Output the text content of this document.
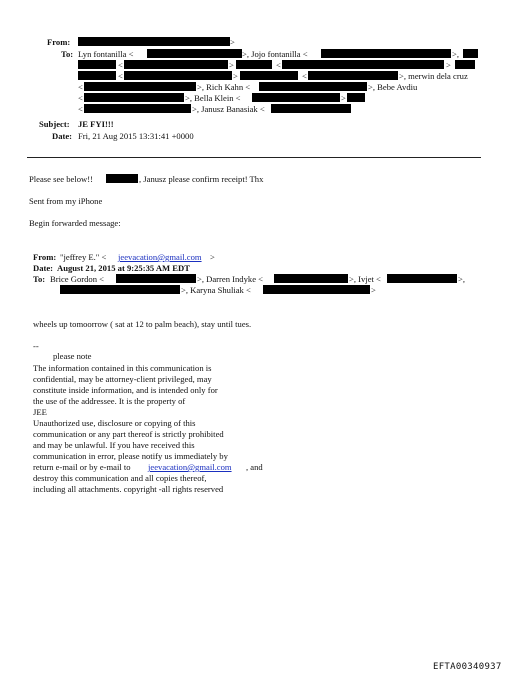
From:	>
To: Lyn fontanilla <	>, Jojo fontanilla <	>,
<	>	<	>
<	>	<	>, merwin dela cruz
<	>, Rich Kahn <	>, Bebe Avdiu
<	>, Bella Klein <	>
<	>, Janusz Banasiak <
Subject: JE FYI!!!
Date: Fri, 21 Aug 2015 13:31:41 +0000
Please see below!!	, Janusz please confirm receipt! Thx
Sent from my iPhone
Begin forwarded message:
From: "jeffrey E." < jeevacation@gmail.com >
Date: August 21, 2015 at 9:25:35 AM EDT
To: Brice Gordon <	>, Darren Indyke <	>, Ivjet <	>,
>, Karyna Shuliak <	>
wheels up tomoorrow ( sat at 12 to palm beach), stay until tues.
--
please note
The information contained in this communication is
confidential, may be attorney-client privileged, may
constitute inside information, and is intended only for
the use of the addressee. It is the property of
JEE
Unauthorized use, disclosure or copying of this
communication or any part thereof is strictly prohibited
and may be unlawful. If you have received this
communication in error, please notify us immediately by
return e-mail or by e-mail to jeevacation@gmail.com , and
destroy this communication and all copies thereof,
including all attachments. copyright -all rights reserved
EFTA00340937
